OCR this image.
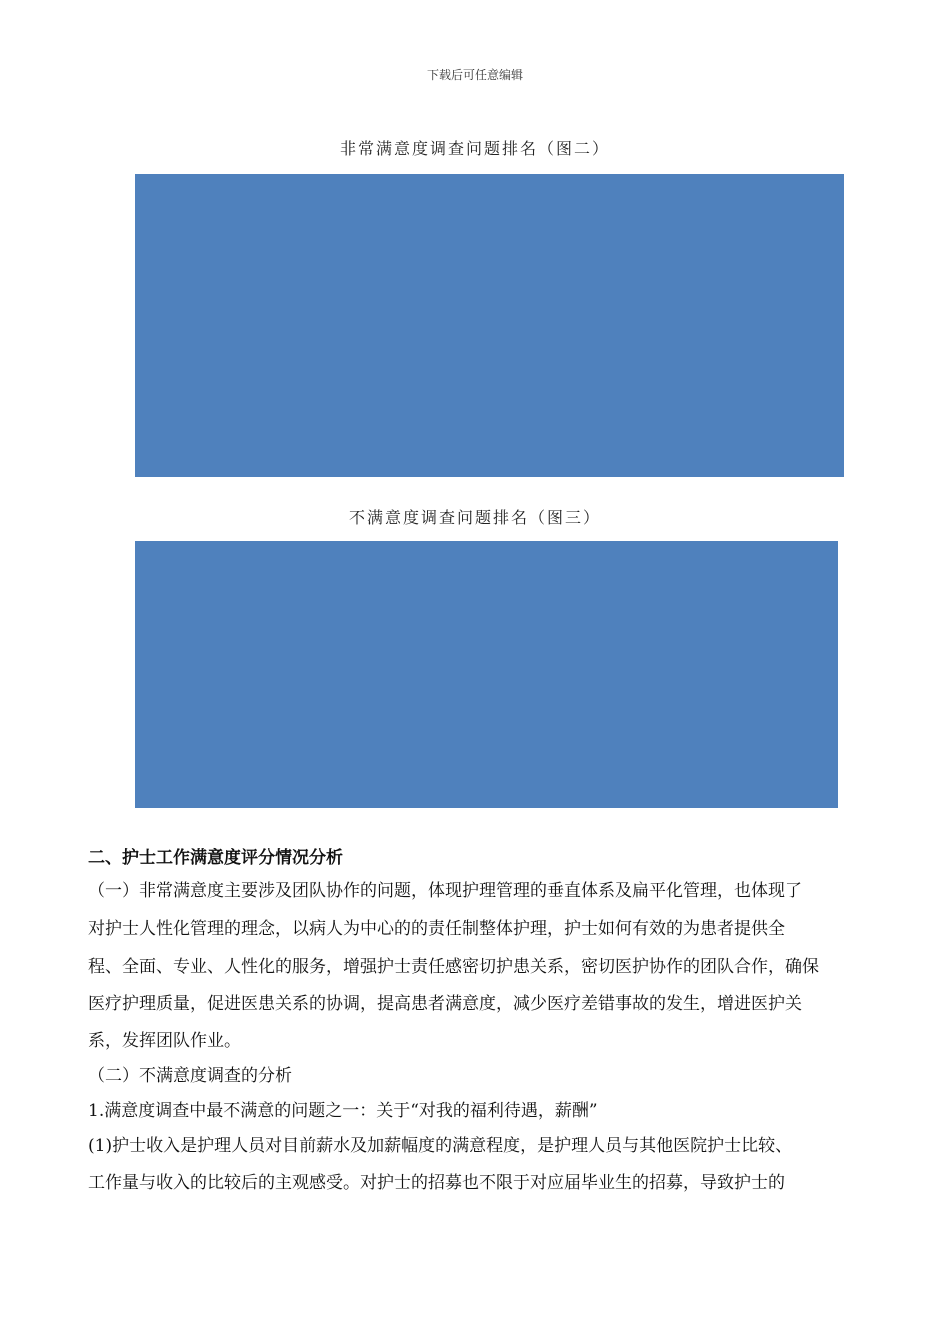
下载后可任意编辑
非常满意度调查问题排名（图二）
不满意度调查问题排名（图三）
二、护士工作满意度评分情况分析
（一）非常满意度主要涉及团队协作的问题，体现护理管理的垂直体系及扁平化管理，也体现了
对护士人性化管理的理念，以病人为中心的的责任制整体护理，护士如何有效的为患者提供全
程、全面、专业、人性化的服务，增强护士责任感密切护患关系，密切医护协作的团队合作，确保
医疗护理质量，促进医患关系的协调，提高患者满意度，减少医疗差错事故的发生，增进医护关
系，发挥团队作业。
（二）不满意度调查的分析
1.满意度调查中最不满意的问题之一：关于“对我的福利待遇，薪酬”
(1)护士收入是护理人员对目前薪水及加薪幅度的满意程度，是护理人员与其他医院护士比较、
工作量与收入的比较后的主观感受。对护士的招募也不限于对应届毕业生的招募，导致护士的
